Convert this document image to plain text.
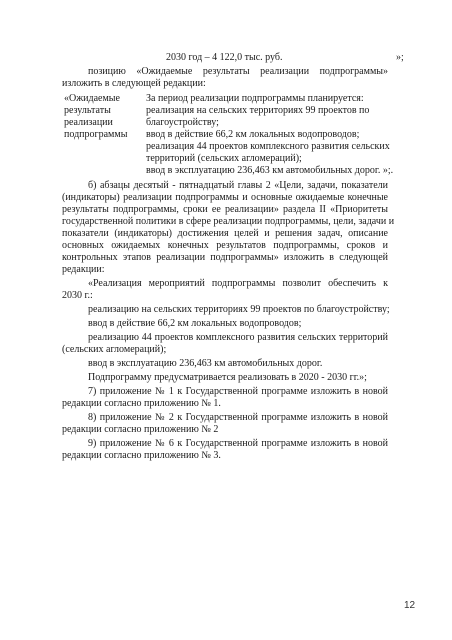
2030 год – 4 122,0 тыс. руб.	»;
позицию «Ожидаемые результаты реализации подпрограммы»
изложить в следующей редакции:
«Ожидаемые
результаты
реализации
подпрограммы
За период реализации подпрограммы планируется:
реализация на сельских территориях 99 проектов по
благоустройству;
ввод в действие 66,2 км локальных водопроводов;
реализация 44 проектов комплексного развития сельских
территорий (сельских агломераций);
ввод в эксплуатацию 236,463 км автомобильных дорог. »;.
б) абзацы десятый - пятнадцатый главы 2 «Цели, задачи, показатели
(индикаторы) реализации подпрограммы и основные ожидаемые конечные
результаты подпрограммы, сроки ее реализации» раздела II «Приоритеты
государственной политики в сфере реализации подпрограммы, цели, задачи и
показатели (индикаторы) достижения целей и решения задач, описание
основных ожидаемых конечных результатов подпрограммы, сроков и
контрольных этапов реализации подпрограммы» изложить в следующей
редакции:
«Реализация мероприятий подпрограммы позволит обеспечить к
2030 г.:
реализацию на сельских территориях 99 проектов по благоустройству;
ввод в действие 66,2 км локальных водопроводов;
реализацию 44 проектов комплексного развития сельских территорий
(сельских агломераций);
ввод в эксплуатацию 236,463 км автомобильных дорог.
Подпрограмму предусматривается реализовать в 2020 - 2030 гг.»;
7) приложение № 1 к Государственной программе изложить в новой
редакции согласно приложению № 1.
8) приложение № 2 к Государственной программе изложить в новой
редакции согласно приложению № 2
9) приложение № 6 к Государственной программе изложить в новой
редакции согласно приложению № 3.
12
